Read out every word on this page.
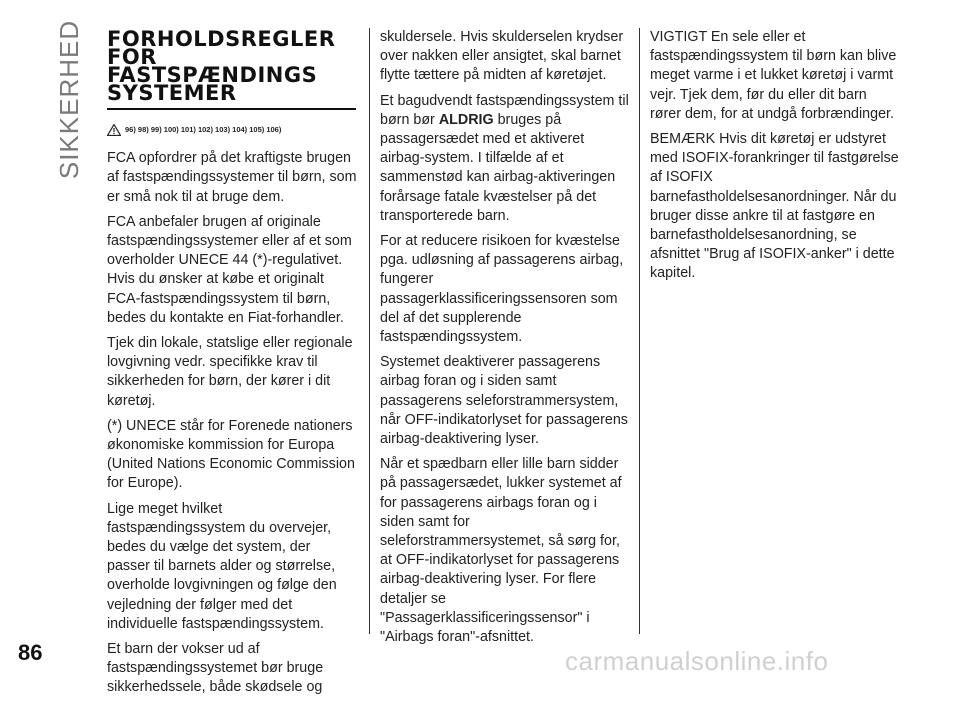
SIKKERHED
86
FORHOLDSREGLER
FOR
FASTSPÆNDINGS
SYSTEMER
96) 98) 99) 100) 101) 102) 103) 104) 105) 106)

FCA opfordrer på det kraftigste brugen af fastspændingssystemer til børn, som er små nok til at bruge dem.

FCA anbefaler brugen af originale fastspændingssystemer eller af et som overholder UNECE 44 (*)-regulativet. Hvis du ønsker at købe et originalt FCA-fastspændingssystem til børn, bedes du kontakte en Fiat-forhandler.

Tjek din lokale, statslige eller regionale lovgivning vedr. specifikke krav til sikkerheden for børn, der kører i dit køretøj.

(*) UNECE står for Forenede nationers økonomiske kommission for Europa (United Nations Economic Commission for Europe).

Lige meget hvilket fastspændingssystem du overvejer, bedes du vælge det system, der passer til barnets alder og størrelse, overholde lovgivningen og følge den vejledning der følger med det individuelle fastspændingssystem.

Et barn der vokser ud af fastspændingssystemet bør bruge sikkerhedssele, både skødsele og

skuldersele. Hvis skulderselen krydser over nakken eller ansigtet, skal barnet flytte tættere på midten af køretøjet.

Et bagudvendt fastspændingssystem til børn bør ALDRIG bruges på passagersædet med et aktiveret airbag-system. I tilfælde af et sammenstød kan airbag-aktiveringen forårsage fatale kvæstelser på det transporterede barn.

For at reducere risikoen for kvæstelse pga. udløsning af passagerens airbag, fungerer passagerklassificeringssensoren som del af det supplerende fastspændingssystem.

Systemet deaktiverer passagerens airbag foran og i siden samt passagerens seleforstrammersystem, når OFF-indikatorlyset for passagerens airbag-deaktivering lyser.

Når et spædbarn eller lille barn sidder på passagersædet, lukker systemet af for passagerens airbags foran og i siden samt for seleforstrammersystemet, så sørg for, at OFF-indikatorlyset for passagerens airbag-deaktivering lyser. For flere detaljer se "Passagerklassificeringssensor" i "Airbags foran"-afsnittet.

VIGTIGT En sele eller et fastspændingssystem til børn kan blive meget varme i et lukket køretøj i varmt vejr. Tjek dem, før du eller dit barn rører dem, for at undgå forbrændinger.

BEMÆRK Hvis dit køretøj er udstyret med ISOFIX-forankringer til fastgørelse af ISOFIX barnefastholdelsesanordninger. Når du bruger disse ankre til at fastgøre en barnefastholdelsesanordning, se afsnittet "Brug af ISOFIX-anker" i dette kapitel.

carmanualsonline.info
